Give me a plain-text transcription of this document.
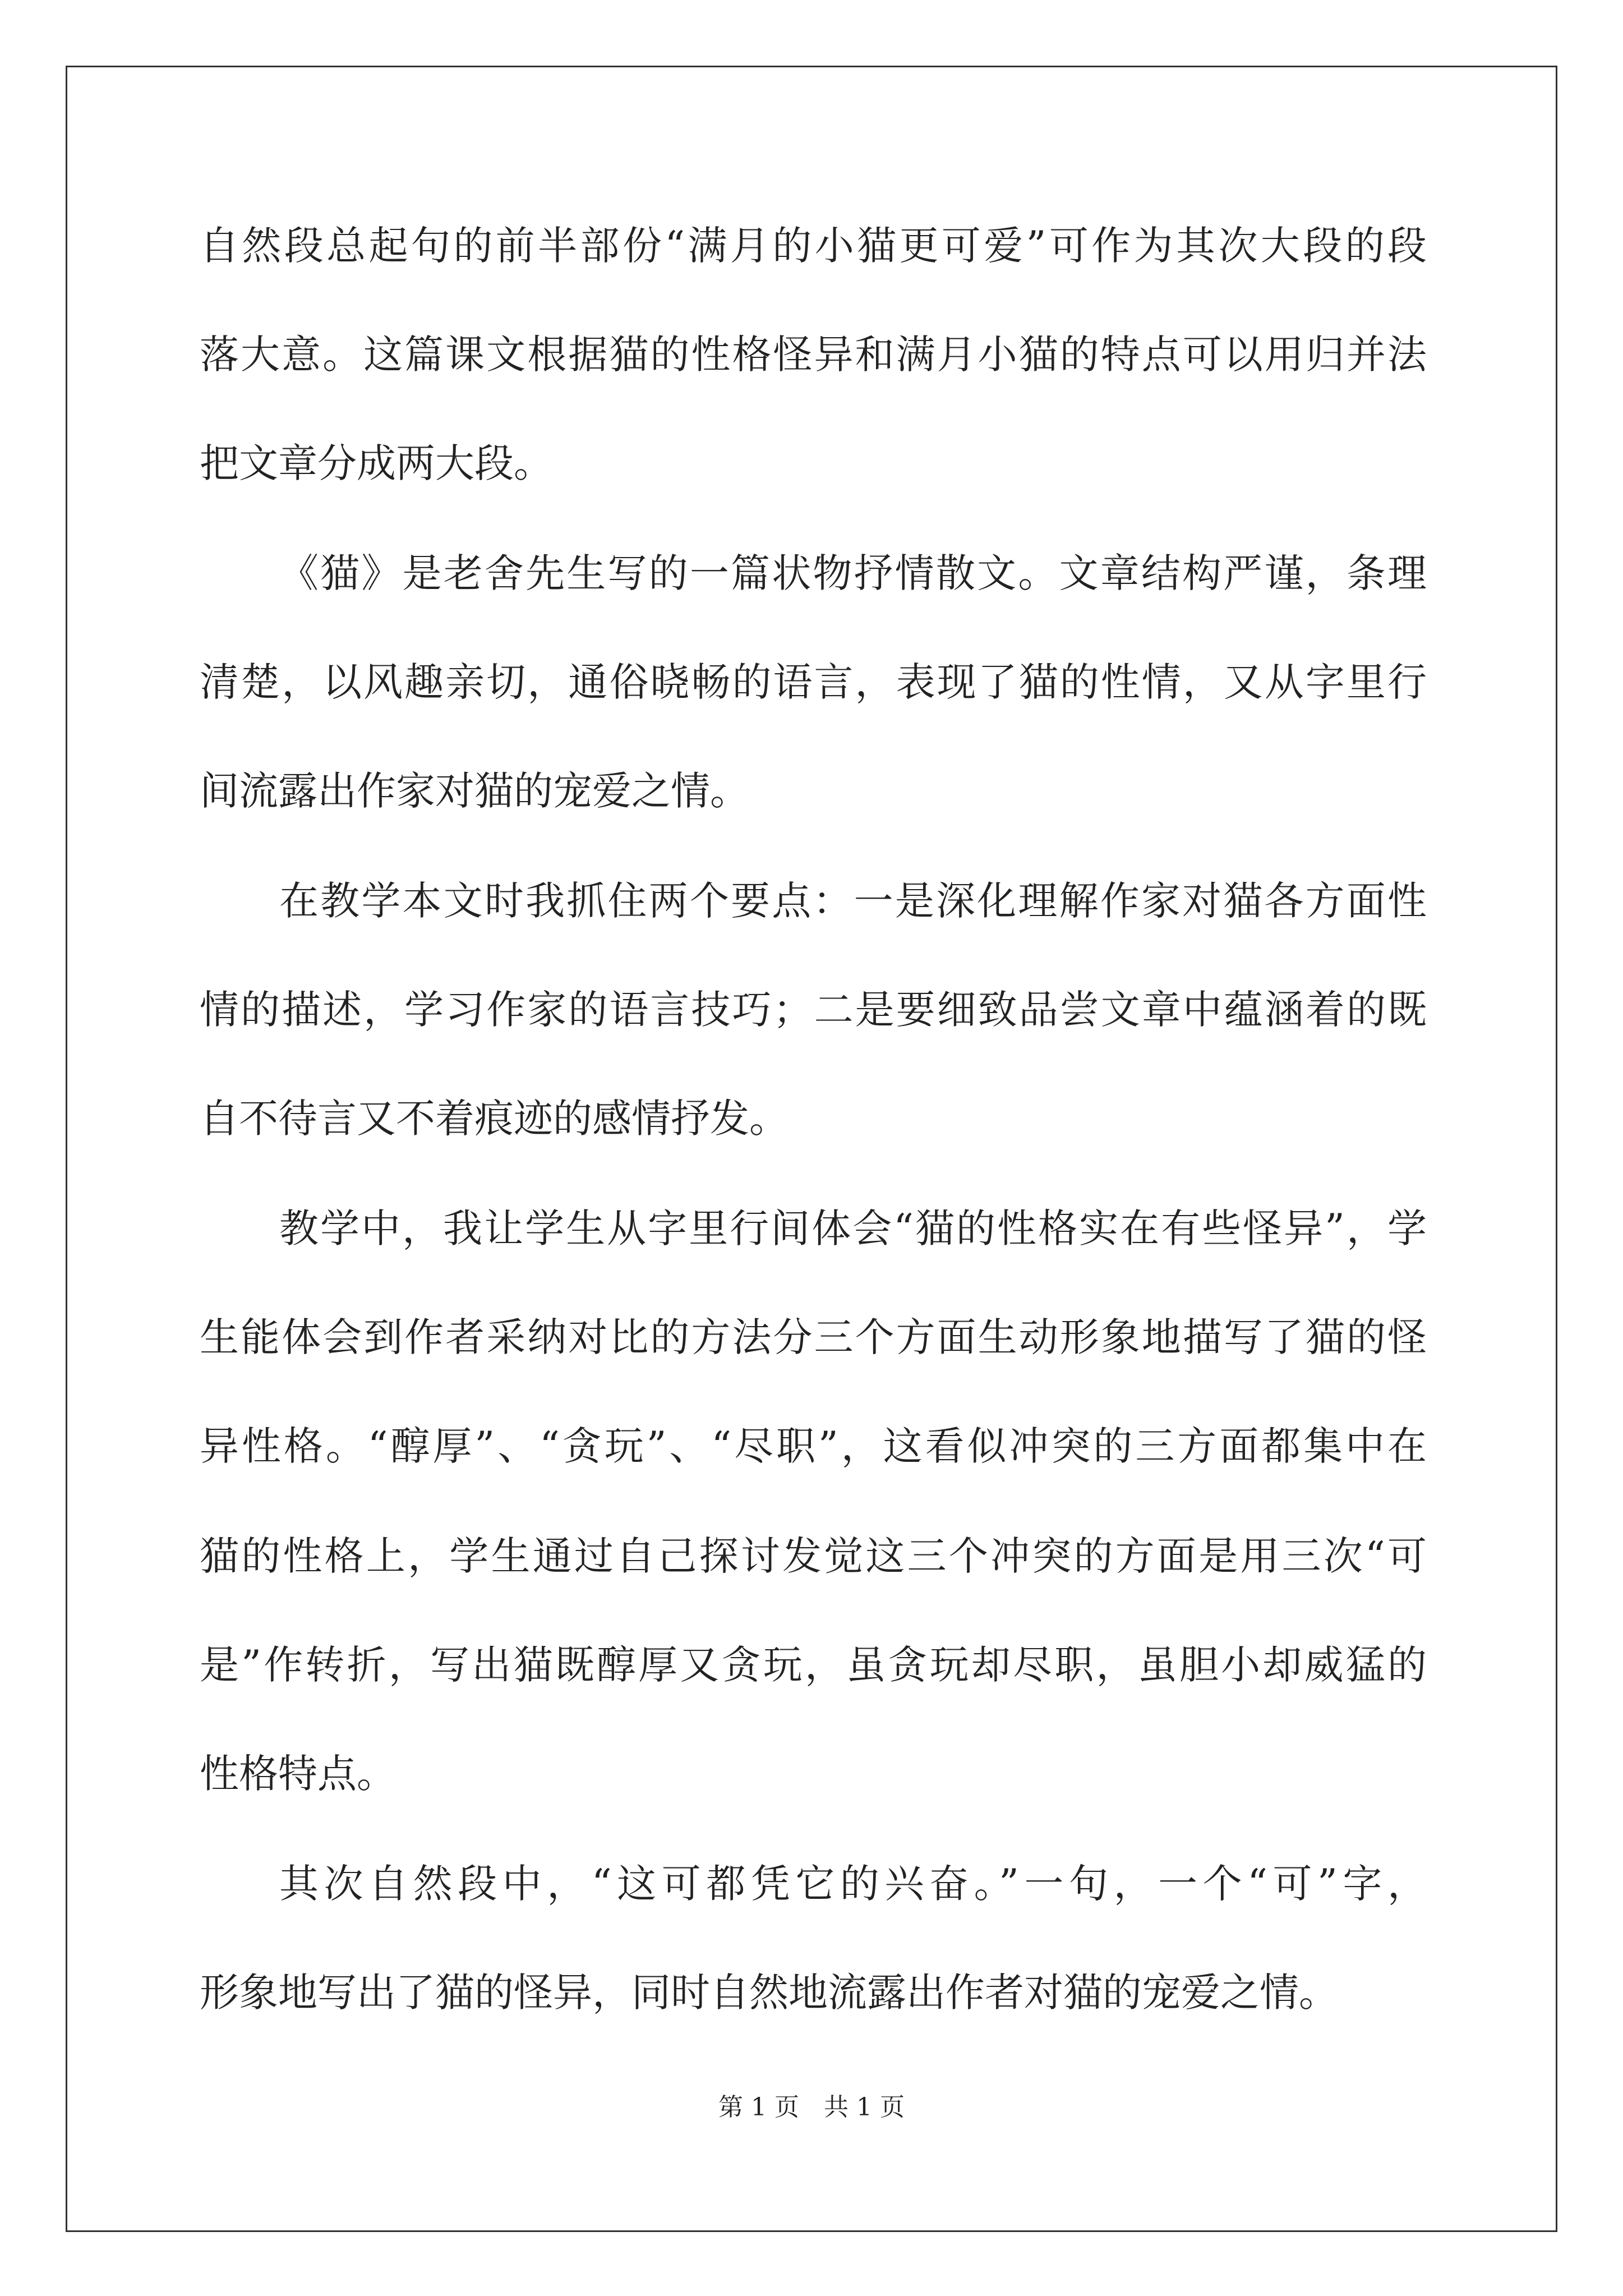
自然段总起句的前半部份“满月的小猫更可爱”可作为其次大段的段
落大意。这篇课文根据猫的性格怪异和满月小猫的特点可以用归并法
把文章分成两大段。
《猫》是老舍先生写的一篇状物抒情散文。文章结构严谨，条理
清楚，以风趣亲切，通俗晓畅的语言，表现了猫的性情，又从字里行
间流露出作家对猫的宠爱之情。
在教学本文时我抓住两个要点：一是深化理解作家对猫各方面性
情的描述，学习作家的语言技巧；二是要细致品尝文章中蕴涵着的既
自不待言又不着痕迹的感情抒发。
教学中，我让学生从字里行间体会“猫的性格实在有些怪异”，学
生能体会到作者采纳对比的方法分三个方面生动形象地描写了猫的怪
异性格。“醇厚”、“贪玩”、“尽职”，这看似冲突的三方面都集中在
猫的性格上，学生通过自己探讨发觉这三个冲突的方面是用三次“可
是”作转折，写出猫既醇厚又贪玩，虽贪玩却尽职，虽胆小却威猛的
性格特点。
其次自然段中，“这可都凭它的兴奋。”一句，一个“可”字，
形象地写出了猫的怪异，同时自然地流露出作者对猫的宠爱之情。
第 1 页　共 1 页
